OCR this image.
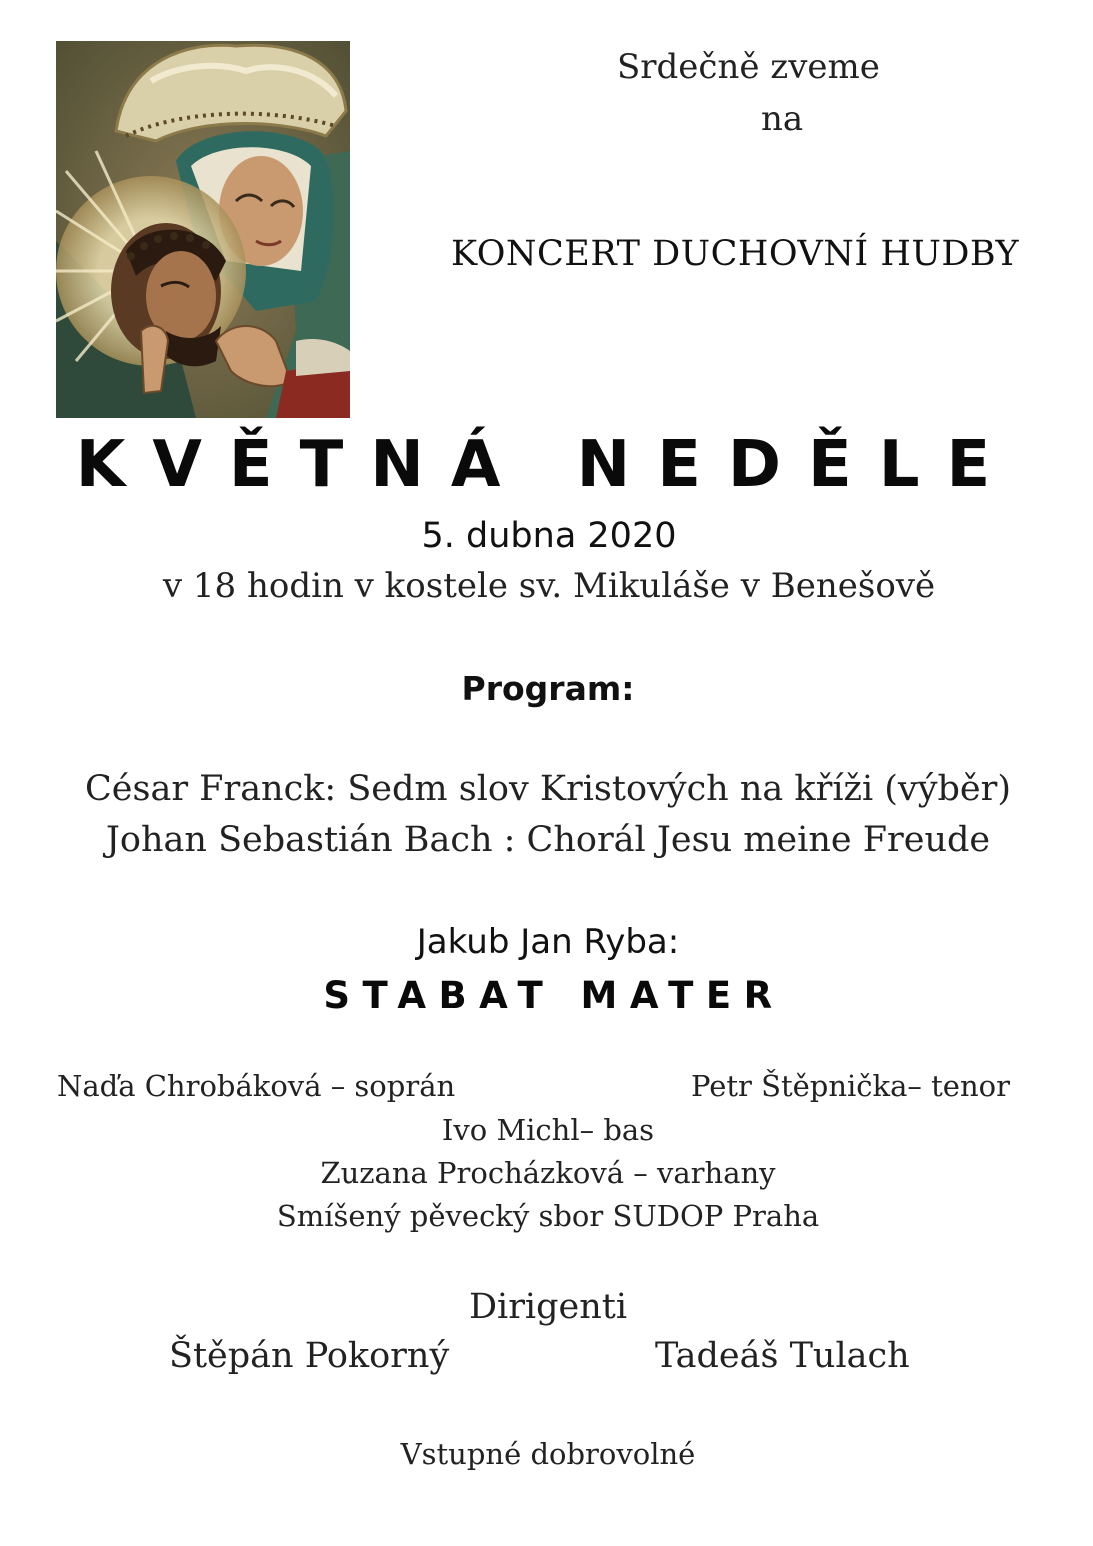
Srdečně zveme
na
KONCERT DUCHOVNÍ HUDBY
KVĚTNÁ NEDĚLE
5. dubna 2020
v 18 hodin v kostele sv. Mikuláše v Benešově
Program:
César Franck: Sedm slov Kristových na kříži (výběr)
Johan Sebastián Bach : Chorál Jesu meine Freude
Jakub Jan Ryba:
STABAT MATER
Naďa Chrobáková – soprán	Petr Štěpnička– tenor
Ivo Michl– bas
Zuzana Procházková – varhany
Smíšený pěvecký sbor SUDOP Praha
Dirigenti
Štěpán Pokorný	Tadeáš Tulach
Vstupné dobrovolné
